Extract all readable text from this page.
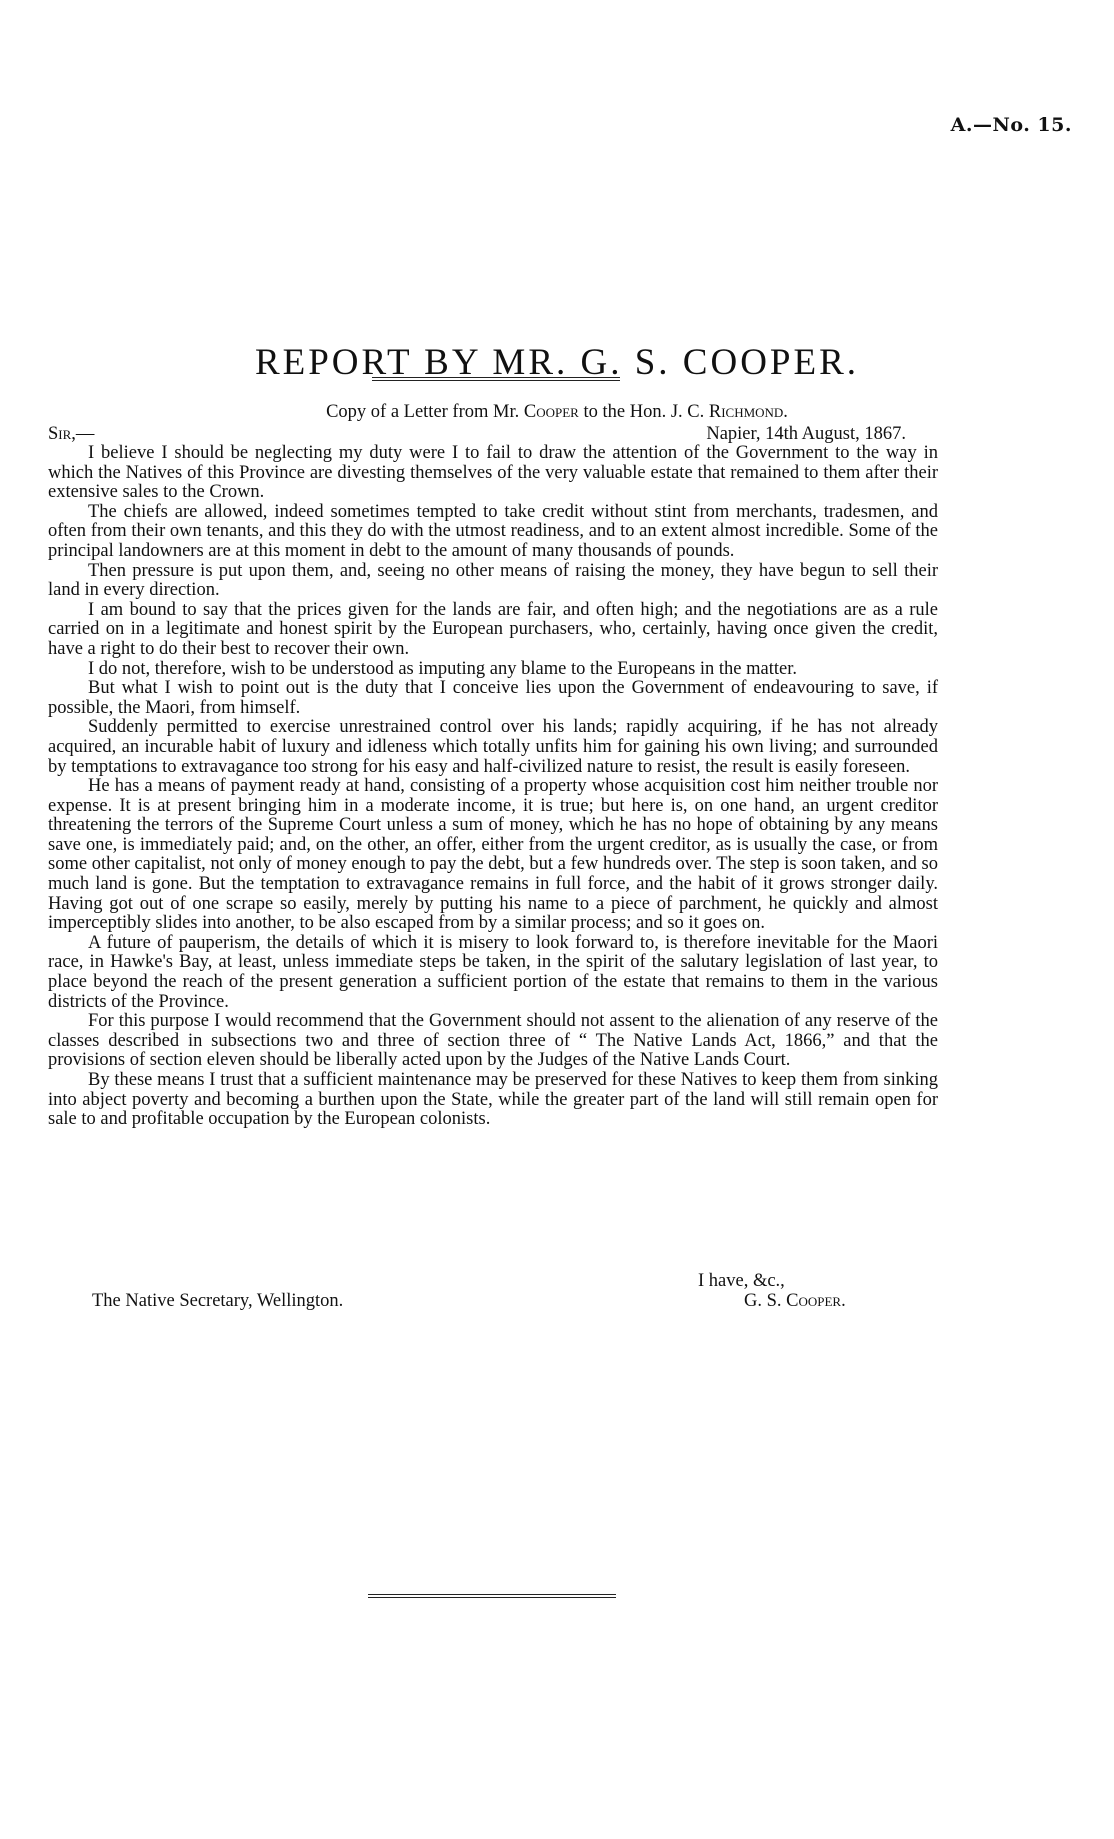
A.—No. 15.
REPORT BY MR. G. S. COOPER.
Copy of a Letter from Mr. Cooper to the Hon. J. C. Richmond.
Sir,—	Napier, 14th August, 1867.

I believe I should be neglecting my duty were I to fail to draw the attention of the Government to the way in which the Natives of this Province are divesting themselves of the very valuable estate that remained to them after their extensive sales to the Crown.

The chiefs are allowed, indeed sometimes tempted to take credit without stint from merchants, tradesmen, and often from their own tenants, and this they do with the utmost readiness, and to an extent almost incredible. Some of the principal landowners are at this moment in debt to the amount of many thousands of pounds.

Then pressure is put upon them, and, seeing no other means of raising the money, they have begun to sell their land in every direction.

I am bound to say that the prices given for the lands are fair, and often high; and the negotiations are as a rule carried on in a legitimate and honest spirit by the European purchasers, who, certainly, having once given the credit, have a right to do their best to recover their own.

I do not, therefore, wish to be understood as imputing any blame to the Europeans in the matter.

But what I wish to point out is the duty that I conceive lies upon the Government of endeavouring to save, if possible, the Maori, from himself.

Suddenly permitted to exercise unrestrained control over his lands; rapidly acquiring, if he has not already acquired, an incurable habit of luxury and idleness which totally unfits him for gaining his own living; and surrounded by temptations to extravagance too strong for his easy and half-civilized nature to resist, the result is easily foreseen.

He has a means of payment ready at hand, consisting of a property whose acquisition cost him neither trouble nor expense. It is at present bringing him in a moderate income, it is true; but here is, on one hand, an urgent creditor threatening the terrors of the Supreme Court unless a sum of money, which he has no hope of obtaining by any means save one, is immediately paid; and, on the other, an offer, either from the urgent creditor, as is usually the case, or from some other capitalist, not only of money enough to pay the debt, but a few hundreds over. The step is soon taken, and so much land is gone. But the temptation to extravagance remains in full force, and the habit of it grows stronger daily. Having got out of one scrape so easily, merely by putting his name to a piece of parchment, he quickly and almost imperceptibly slides into another, to be also escaped from by a similar process; and so it goes on.

A future of pauperism, the details of which it is misery to look forward to, is therefore inevitable for the Maori race, in Hawke's Bay, at least, unless immediate steps be taken, in the spirit of the salutary legislation of last year, to place beyond the reach of the present generation a sufficient portion of the estate that remains to them in the various districts of the Province.

For this purpose I would recommend that the Government should not assent to the alienation of any reserve of the classes described in subsections two and three of section three of “ The Native Lands Act, 1866,” and that the provisions of section eleven should be liberally acted upon by the Judges of the Native Lands Court.

By these means I trust that a sufficient maintenance may be preserved for these Natives to keep them from sinking into abject poverty and becoming a burthen upon the State, while the greater part of the land will still remain open for sale to and profitable occupation by the European colonists.

I have, &c.,
The Native Secretary, Wellington.	G. S. Cooper.
